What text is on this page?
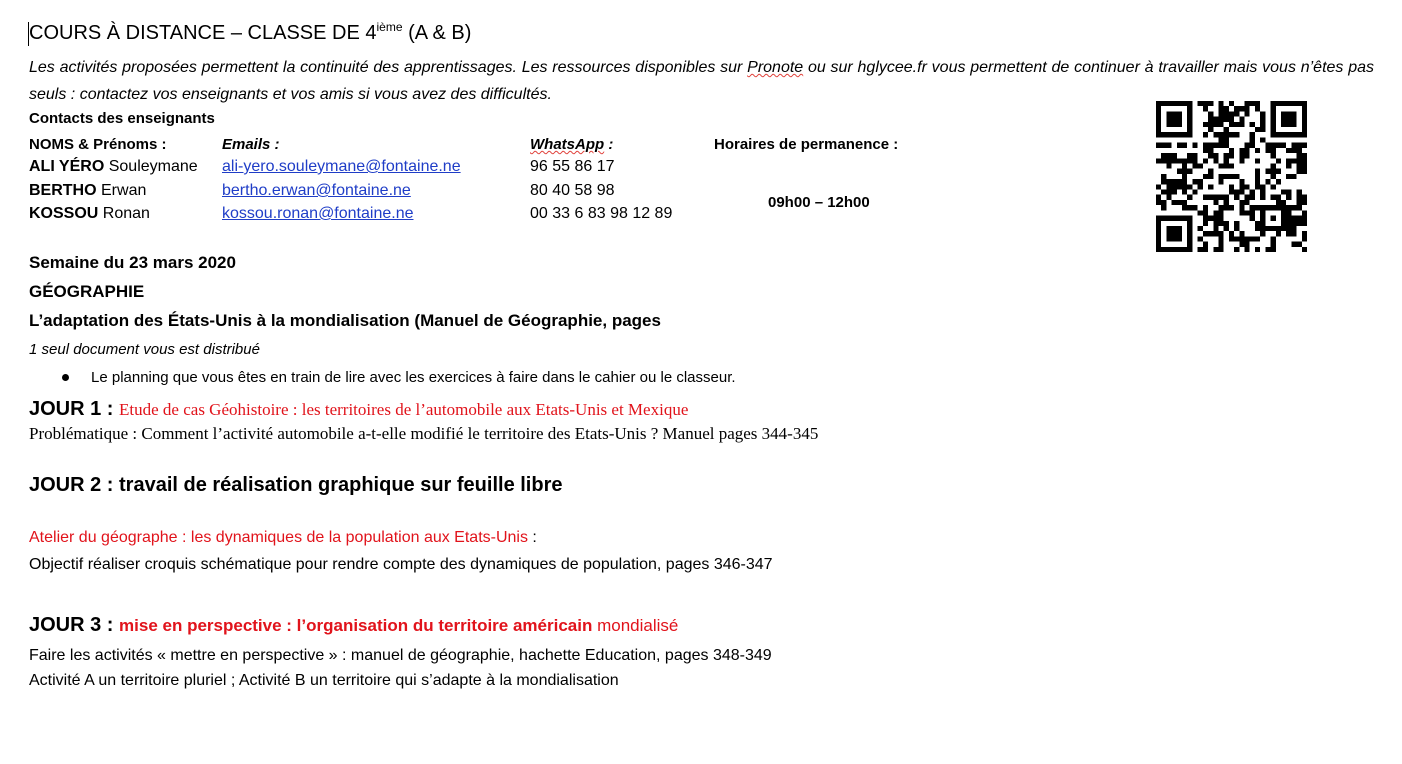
COURS À DISTANCE – CLASSE DE 4ième (A & B)
Les activités proposées permettent la continuité des apprentissages. Les ressources disponibles sur Pronote ou sur hglycee.fr vous permettent de continuer à travailler mais vous n’êtes pas seuls : contactez vos enseignants et vos amis si vous avez des difficultés.
Contacts des enseignants
NOMS & Prénoms :	Emails :	WhatsApp :	Horaires de permanence :
ALI YÉRO Souleymane ali-yero.souleymane@fontaine.ne	96 55 86 17
BERTHO Erwan	bertho.erwan@fontaine.ne	80 40 58 98
KOSSOU Ronan	kossou.ronan@fontaine.ne	00 33 6 83 98 12 89
09h00 – 12h00
Semaine du 23 mars 2020
GÉOGRAPHIE
L’adaptation des États-Unis à la mondialisation (Manuel de Géographie, pages
1 seul document vous est distribué
Le planning que vous êtes en train de lire avec les exercices à faire dans le cahier ou le classeur.
JOUR 1 : Etude de cas Géohistoire : les territoires de l’automobile aux Etats-Unis et Mexique
Problématique : Comment l’activité automobile a-t-elle modifié le territoire des Etats-Unis ? Manuel pages 344-345
JOUR 2 : travail de réalisation graphique sur feuille libre
Atelier du géographe : les dynamiques de la population aux Etats-Unis :
Objectif réaliser croquis schématique pour rendre compte des dynamiques de population, pages 346-347
JOUR 3 : mise en perspective : l’organisation du territoire américain mondialisé
Faire les activités « mettre en perspective » : manuel de géographie, hachette Education, pages 348-349
Activité A un territoire pluriel ; Activité B un territoire qui s’adapte à la mondialisation
